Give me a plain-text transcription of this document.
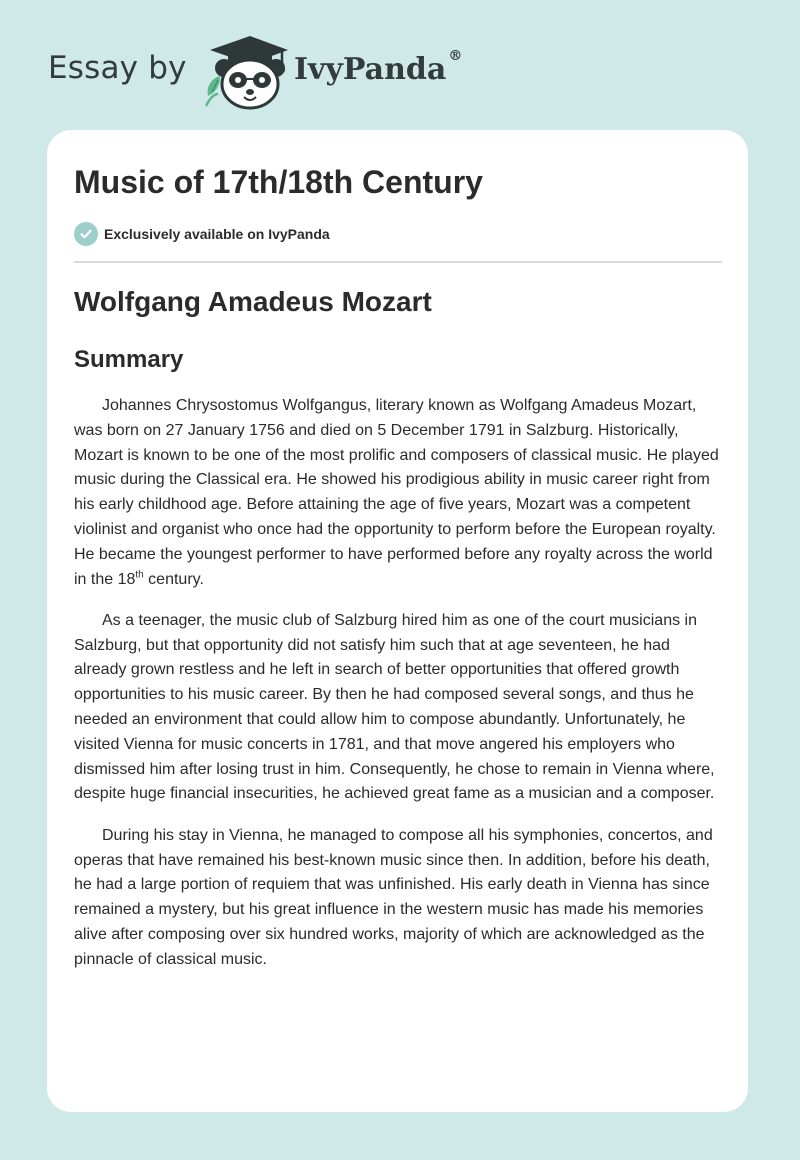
Essay by	IvyPanda ®
Music of 17th/18th Century
Exclusively available on IvyPanda
Wolfgang Amadeus Mozart
Summary

Johannes Chrysostomus Wolfgangus, literary known as Wolfgang Amadeus Mozart, was born on 27 January 1756 and died on 5 December 1791 in Salzburg. Historically, Mozart is known to be one of the most prolific and composers of classical music. He played music during the Classical era. He showed his prodigious ability in music career right from his early childhood age. Before attaining the age of five years, Mozart was a competent violinist and organist who once had the opportunity to perform before the European royalty. He became the youngest performer to have performed before any royalty across the world in the 18th century.

As a teenager, the music club of Salzburg hired him as one of the court musicians in Salzburg, but that opportunity did not satisfy him such that at age seventeen, he had already grown restless and he left in search of better opportunities that offered growth opportunities to his music career. By then he had composed several songs, and thus he needed an environment that could allow him to compose abundantly. Unfortunately, he visited Vienna for music concerts in 1781, and that move angered his employers who dismissed him after losing trust in him. Consequently, he chose to remain in Vienna where, despite huge financial insecurities, he achieved great fame as a musician and a composer.

During his stay in Vienna, he managed to compose all his symphonies, concertos, and operas that have remained his best-known music since then. In addition, before his death, he had a large portion of requiem that was unfinished. His early death in Vienna has since remained a mystery, but his great influence in the western music has made his memories alive after composing over six hundred works, majority of which are acknowledged as the pinnacle of classical music.
